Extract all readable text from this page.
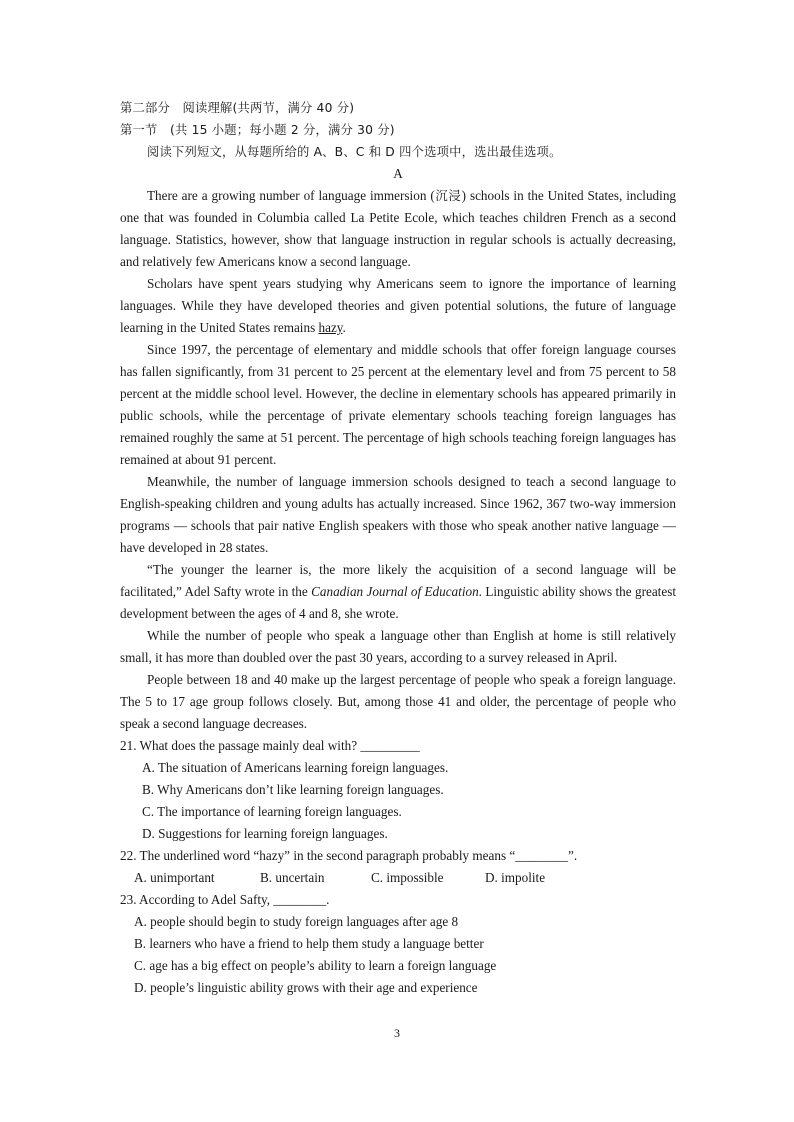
第二部分　阅读理解(共两节，满分 40 分)
第一节　(共 15 小题；每小题 2 分，满分 30 分)
阅读下列短文，从每题所给的 A、B、C 和 D 四个选项中，选出最佳选项。
A

There are a growing number of language immersion (沉浸) schools in the United States, including one that was founded in Columbia called La Petite Ecole, which teaches children French as a second language. Statistics, however, show that language instruction in regular schools is actually decreasing, and relatively few Americans know a second language.

Scholars have spent years studying why Americans seem to ignore the importance of learning languages. While they have developed theories and given potential solutions, the future of language learning in the United States remains hazy.

Since 1997, the percentage of elementary and middle schools that offer foreign language courses has fallen significantly, from 31 percent to 25 percent at the elementary level and from 75 percent to 58 percent at the middle school level. However, the decline in elementary schools has appeared primarily in public schools, while the percentage of private elementary schools teaching foreign languages has remained roughly the same at 51 percent. The percentage of high schools teaching foreign languages has remained at about 91 percent.

Meanwhile, the number of language immersion schools designed to teach a second language to English-speaking children and young adults has actually increased. Since 1962, 367 two-way immersion programs — schools that pair native English speakers with those who speak another native language — have developed in 28 states.

“The younger the learner is, the more likely the acquisition of a second language will be facilitated,” Adel Safty wrote in the Canadian Journal of Education. Linguistic ability shows the greatest development between the ages of 4 and 8, she wrote.

While the number of people who speak a language other than English at home is still relatively small, it has more than doubled over the past 30 years, according to a survey released in April.

People between 18 and 40 make up the largest percentage of people who speak a foreign language. The 5 to 17 age group follows closely. But, among those 41 and older, the percentage of people who speak a second language decreases.

21. What does the passage mainly deal with? _________
A. The situation of Americans learning foreign languages.
B. Why Americans don’t like learning foreign languages.
C. The importance of learning foreign languages.
D. Suggestions for learning foreign languages.
22. The underlined word “hazy” in the second paragraph probably means “________”.
A. unimportant	B. uncertain	C. impossible	D. impolite
23. According to Adel Safty, ________.
A. people should begin to study foreign languages after age 8
B. learners who have a friend to help them study a language better
C. age has a big effect on people’s ability to learn a foreign language
D. people’s linguistic ability grows with their age and experience
3
